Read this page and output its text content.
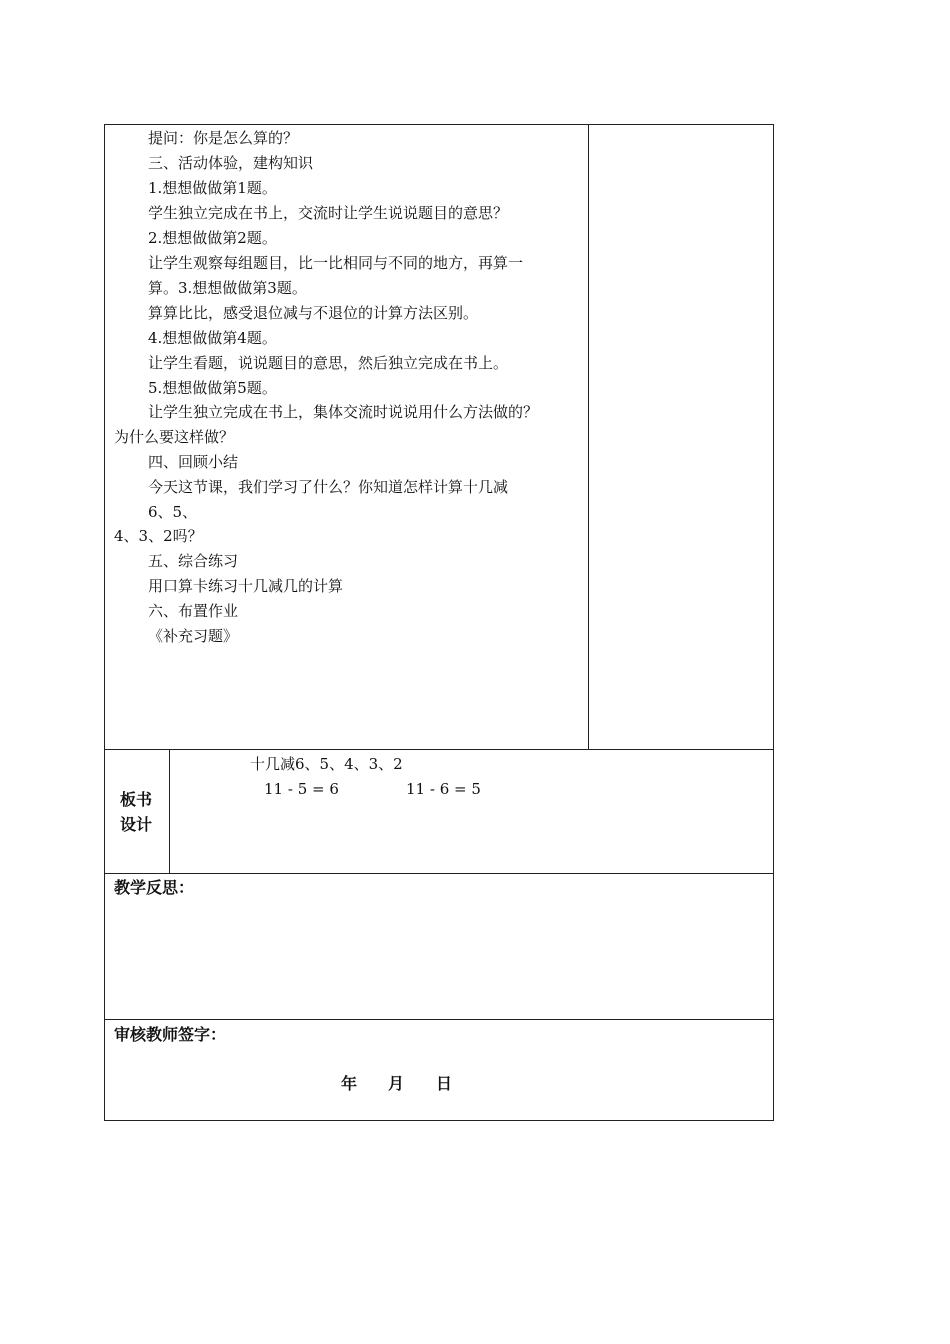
提问：你是怎么算的？
三、活动体验，建构知识
1.想想做做第1题。
学生独立完成在书上，交流时让学生说说题目的意思？
2.想想做做第2题。
让学生观察每组题目，比一比相同与不同的地方，再算一
算。3.想想做做第3题。
算算比比，感受退位减与不退位的计算方法区别。
4.想想做做第4题。
让学生看题，说说题目的意思，然后独立完成在书上。
5.想想做做第5题。
让学生独立完成在书上，集体交流时说说用什么方法做的？
为什么要这样做？
四、回顾小结
今天这节课，我们学习了什么？你知道怎样计算十几减
6、5、
4、3、2吗？
五、综合练习
用口算卡练习十几减几的计算
六、布置作业
《补充习题》
板书
设计
十几减6、5、4、3、2
11 - 5 = 6	11 - 6 = 5
教学反思：
审核教师签字：
年 月 日
